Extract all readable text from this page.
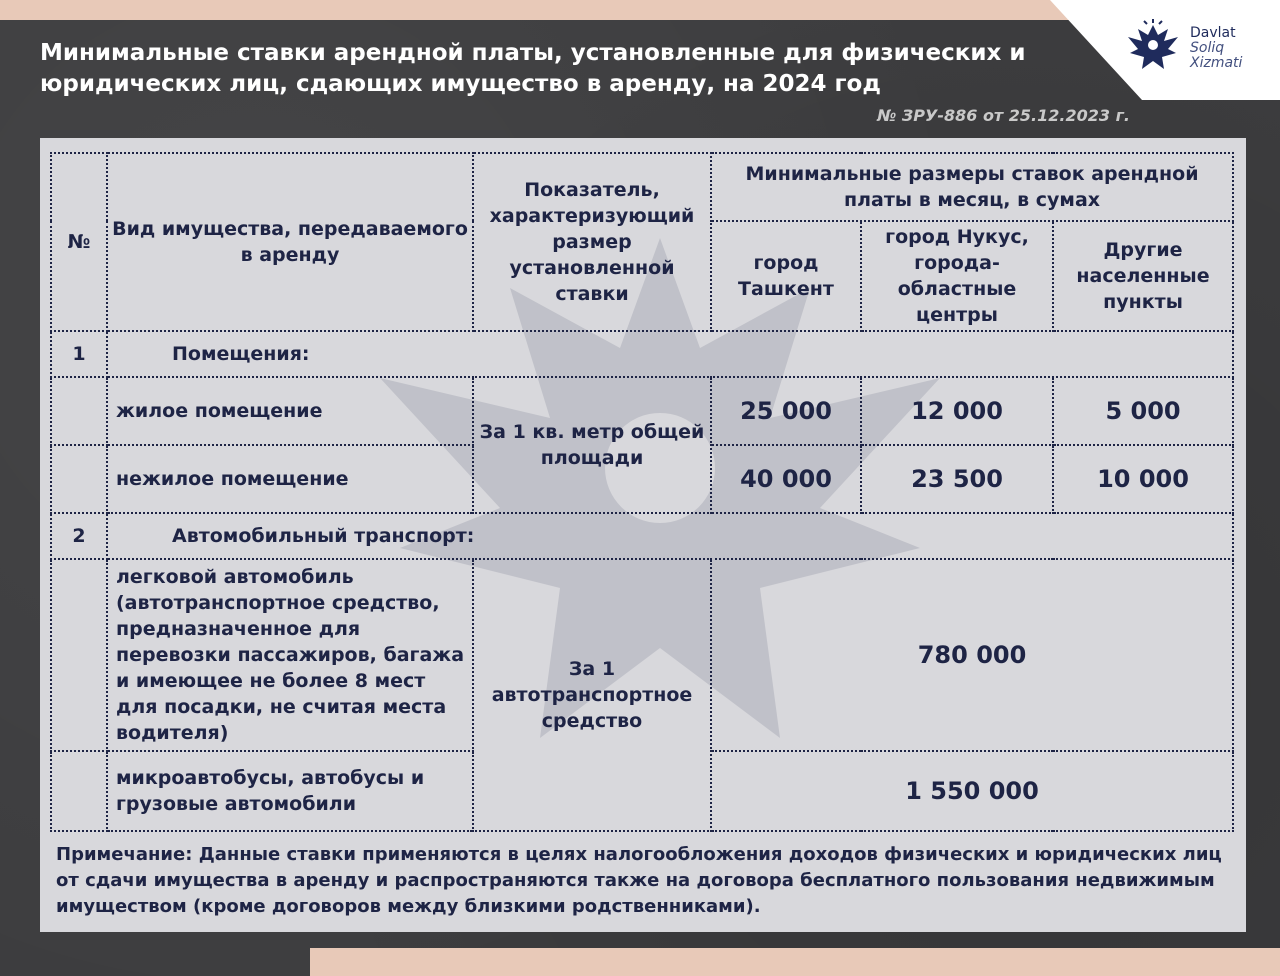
Davlat
Soliq
Xizmati
Минимальные ставки арендной платы, установленные для физических и юридических лиц, сдающих имущество в аренду, на 2024 год
№ ЗРУ-886 от 25.12.2023 г.
№	Вид имущества, передаваемого в аренду	Показатель, характеризующий размер установленной ставки	Минимальные размеры ставок арендной платы в месяц, в сумах		
			город Ташкент	город Нукус, города-областные центры	Другие населенные пункты
1	Помещения:				
	жилое помещение	За 1 кв. метр общей площади	25 000	12 000	5 000
	нежилое помещение		40 000	23 500	10 000
2	Автомобильный транспорт:				
	легковой автомобиль (автотранспортное средство, предназначенное для перевозки пассажиров, багажа и имеющее не более 8 мест для посадки, не считая места водителя)	За 1 автотранспортное средство	780 000		
	микроавтобусы, автобусы и грузовые автомобили		1 550 000		
Примечание: Данные ставки применяются в целях налогообложения доходов физических и юридических лиц от сдачи имущества в аренду и распространяются также на договора бесплатного пользования недвижимым имуществом (кроме договоров между близкими родственниками).
